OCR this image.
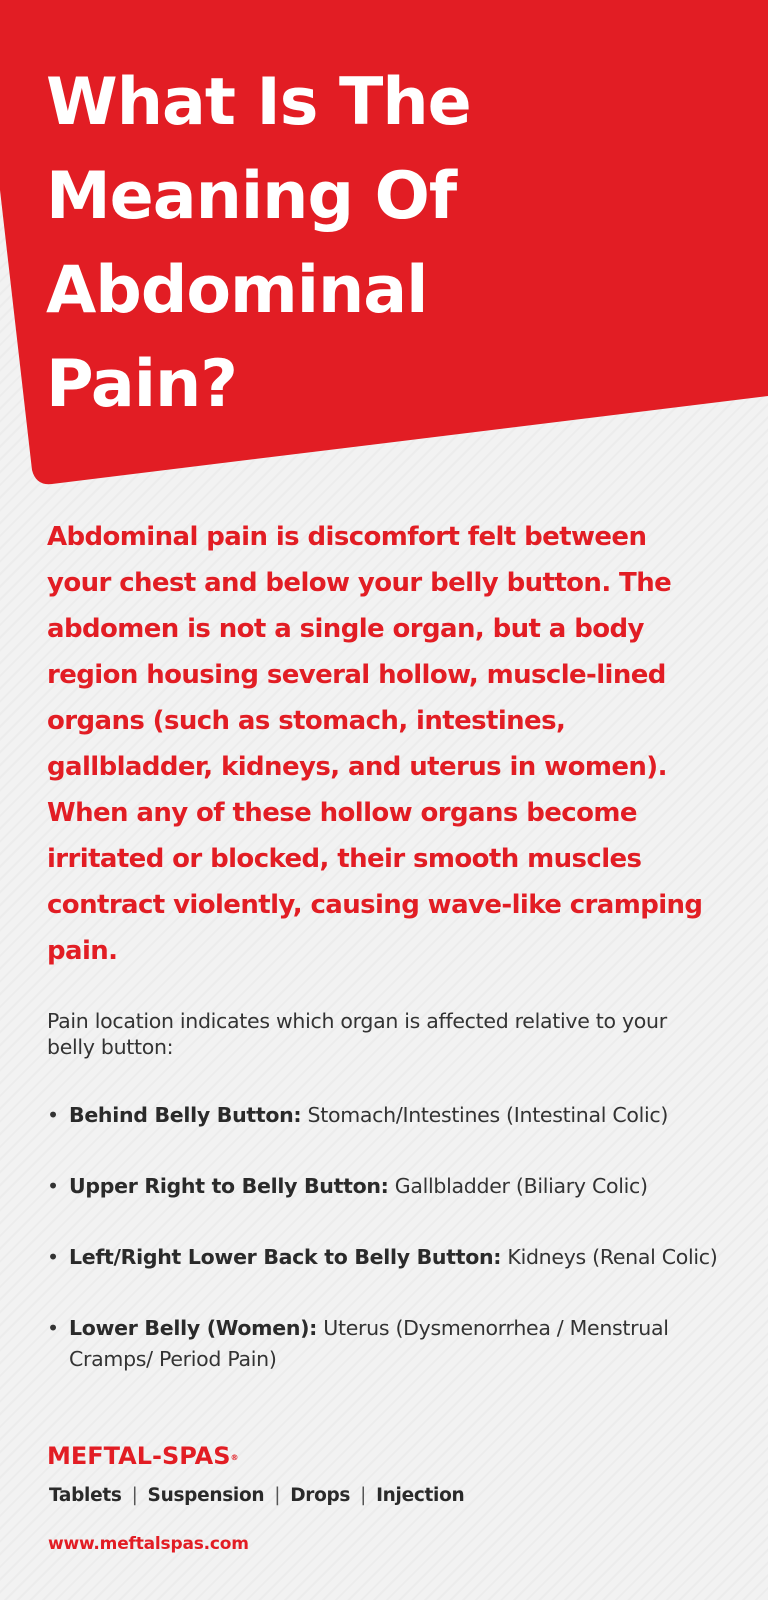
What Is The
Meaning Of
Abdominal
Pain?

Abdominal pain is discomfort felt between your chest and below your belly button. The abdomen is not a single organ, but a body region housing several hollow, muscle-lined organs (such as stomach, intestines, gallbladder, kidneys, and uterus in women). When any of these hollow organs become irritated or blocked, their smooth muscles contract violently, causing wave-like cramping pain.

Pain location indicates which organ is affected relative to your belly button:

• Behind Belly Button: Stomach/Intestines (Intestinal Colic)
• Upper Right to Belly Button: Gallbladder (Biliary Colic)
• Left/Right Lower Back to Belly Button: Kidneys (Renal Colic)
• Lower Belly (Women): Uterus (Dysmenorrhea / Menstrual Cramps/ Period Pain)
MEFTAL-SPAS®
Tablets | Suspension | Drops | Injection
www.meftalspas.com
